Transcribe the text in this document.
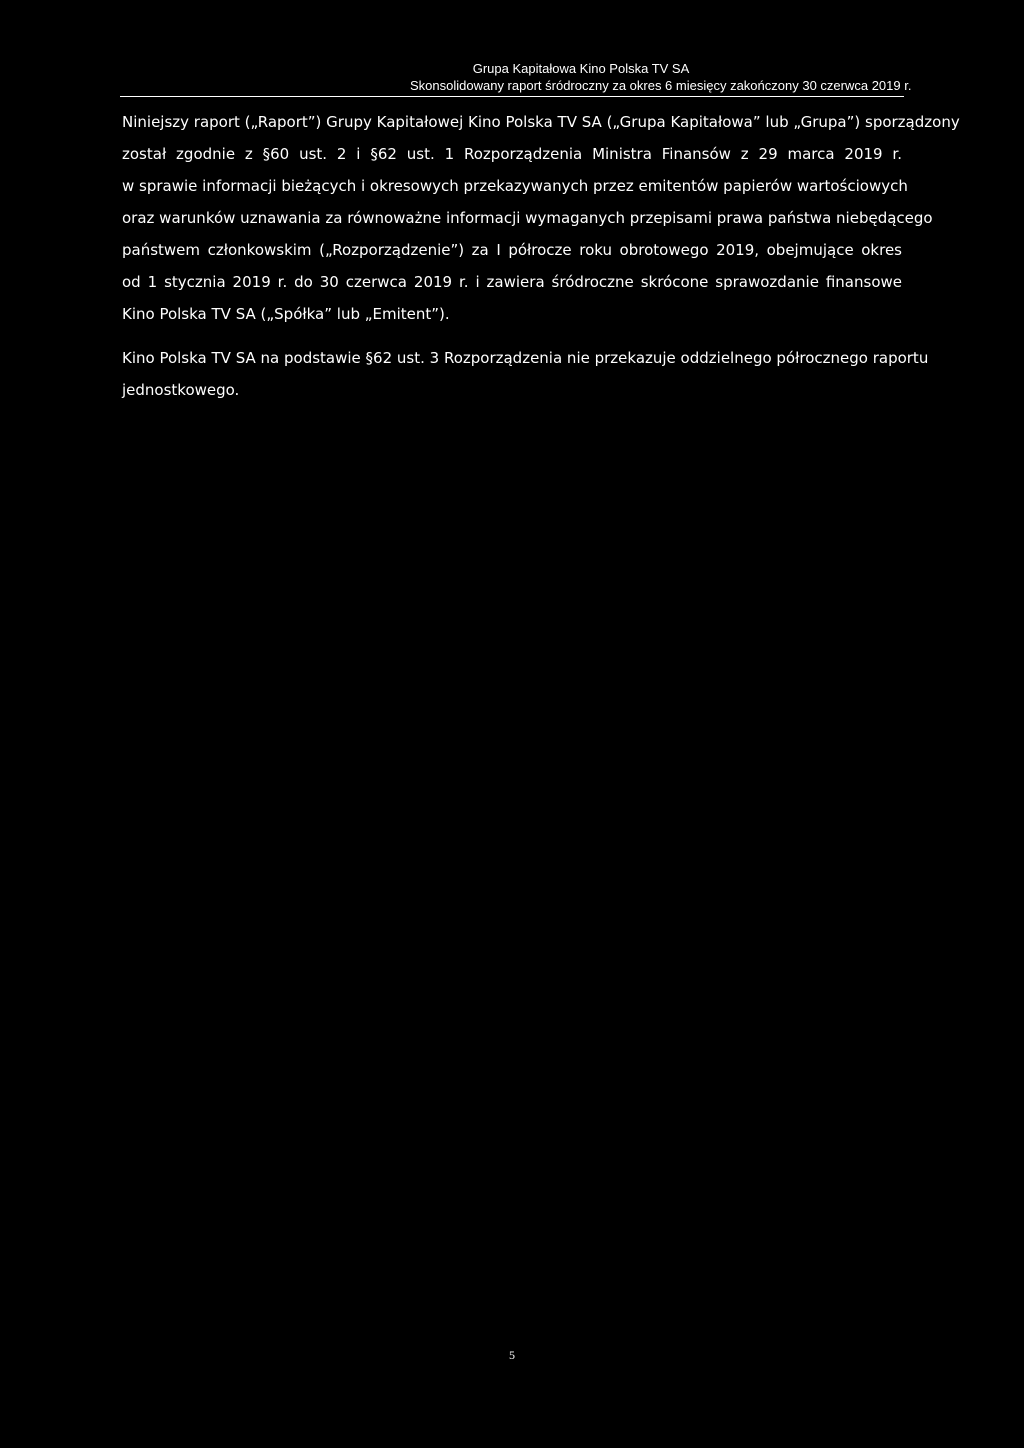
Grupa Kapitałowa Kino Polska TV SA
Skonsolidowany raport śródroczny za okres 6 miesięcy zakończony 30 czerwca 2019 r.

Niniejszy raport („Raport”) Grupy Kapitałowej Kino Polska TV SA („Grupa Kapitałowa” lub „Grupa”) sporządzony
został zgodnie z §60 ust. 2 i §62 ust. 1 Rozporządzenia Ministra Finansów z 29 marca 2019 r.
w sprawie informacji bieżących i okresowych przekazywanych przez emitentów papierów wartościowych
oraz warunków uznawania za równoważne informacji wymaganych przepisami prawa państwa niebędącego
państwem członkowskim („Rozporządzenie”) za I półrocze roku obrotowego 2019, obejmujące okres
od 1 stycznia 2019 r. do 30 czerwca 2019 r. i zawiera śródroczne skrócone sprawozdanie finansowe
Kino Polska TV SA („Spółka” lub „Emitent”).

Kino Polska TV SA na podstawie §62 ust. 3 Rozporządzenia nie przekazuje oddzielnego półrocznego raportu
jednostkowego.

5
